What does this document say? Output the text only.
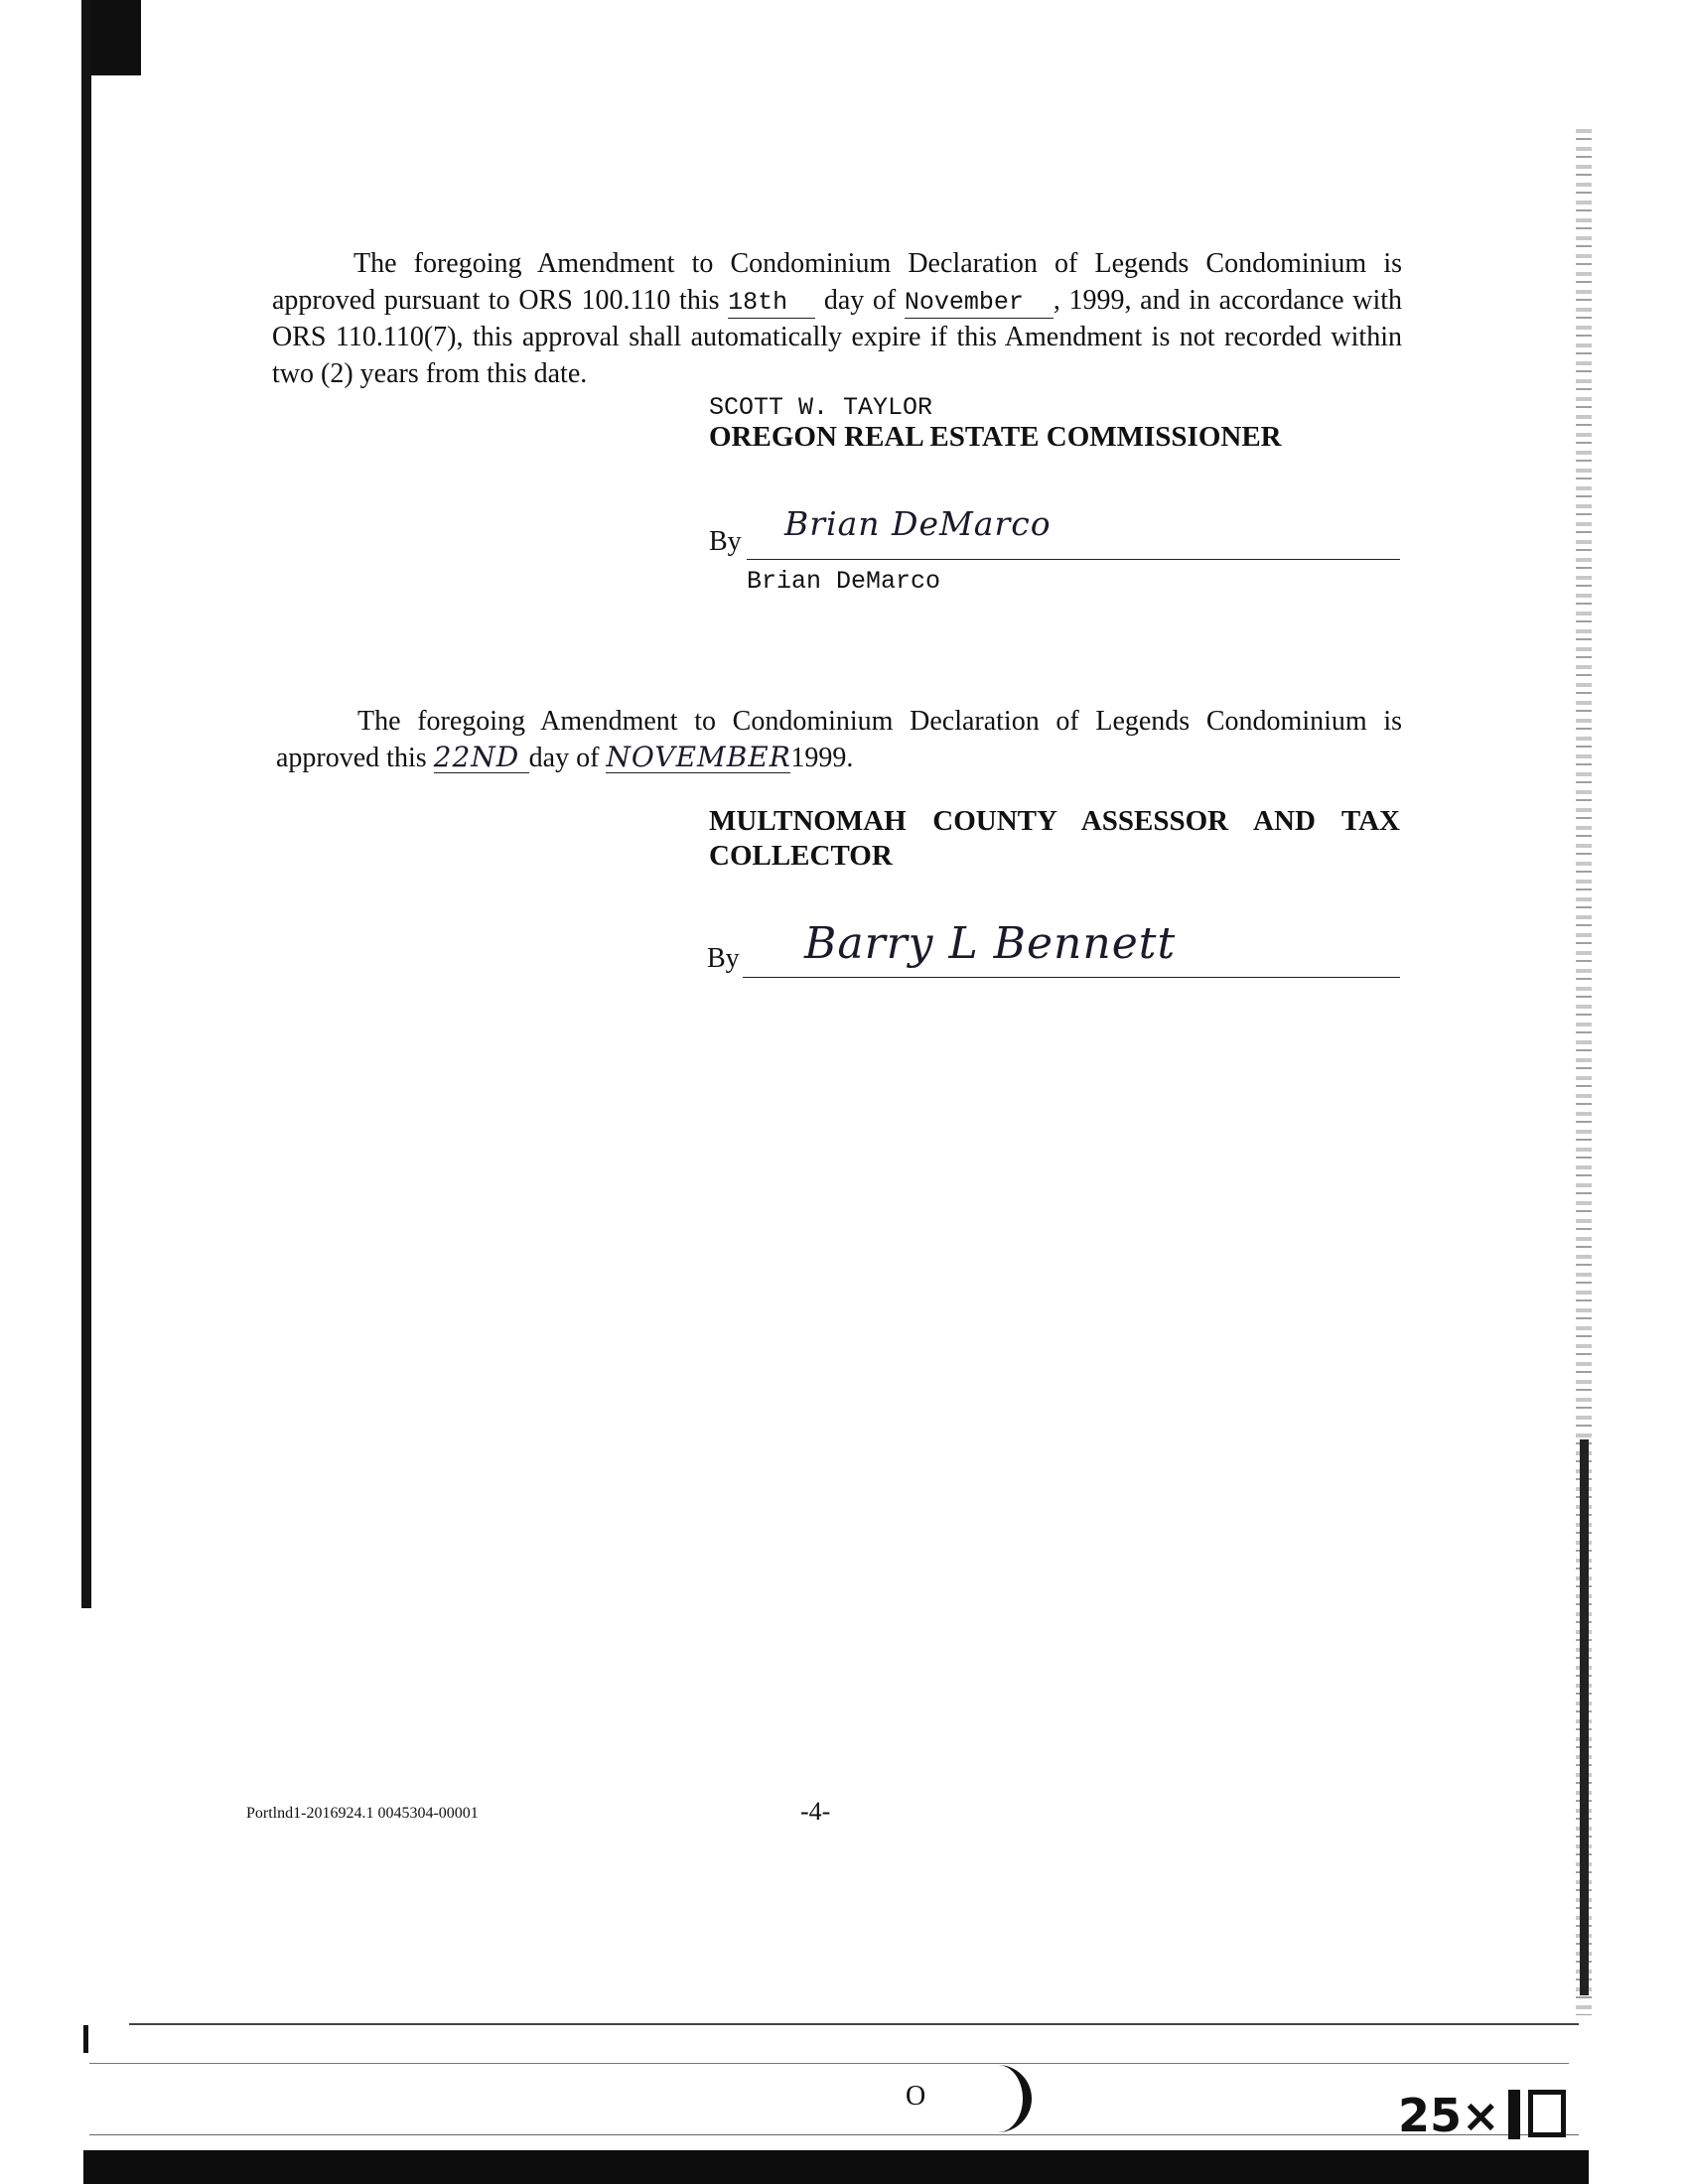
The foregoing Amendment to Condominium Declaration of Legends Condominium is approved pursuant to ORS 100.110 this 18th day of November , 1999, and in accordance with ORS 110.110(7), this approval shall automatically expire if this Amendment is not recorded within two (2) years from this date.
SCOTT W. TAYLOR
OREGON REAL ESTATE COMMISSIONER
By Brian DeMarco
Brian DeMarco
The foregoing Amendment to Condominium Declaration of Legends Condominium is approved this 22ND day of NOVEMBER1999.
MULTNOMAH COUNTY ASSESSOR AND TAX
COLLECTOR
By Barry L Bennett
Portlnd1-2016924.1 0045304-00001	-4-
O	25×
